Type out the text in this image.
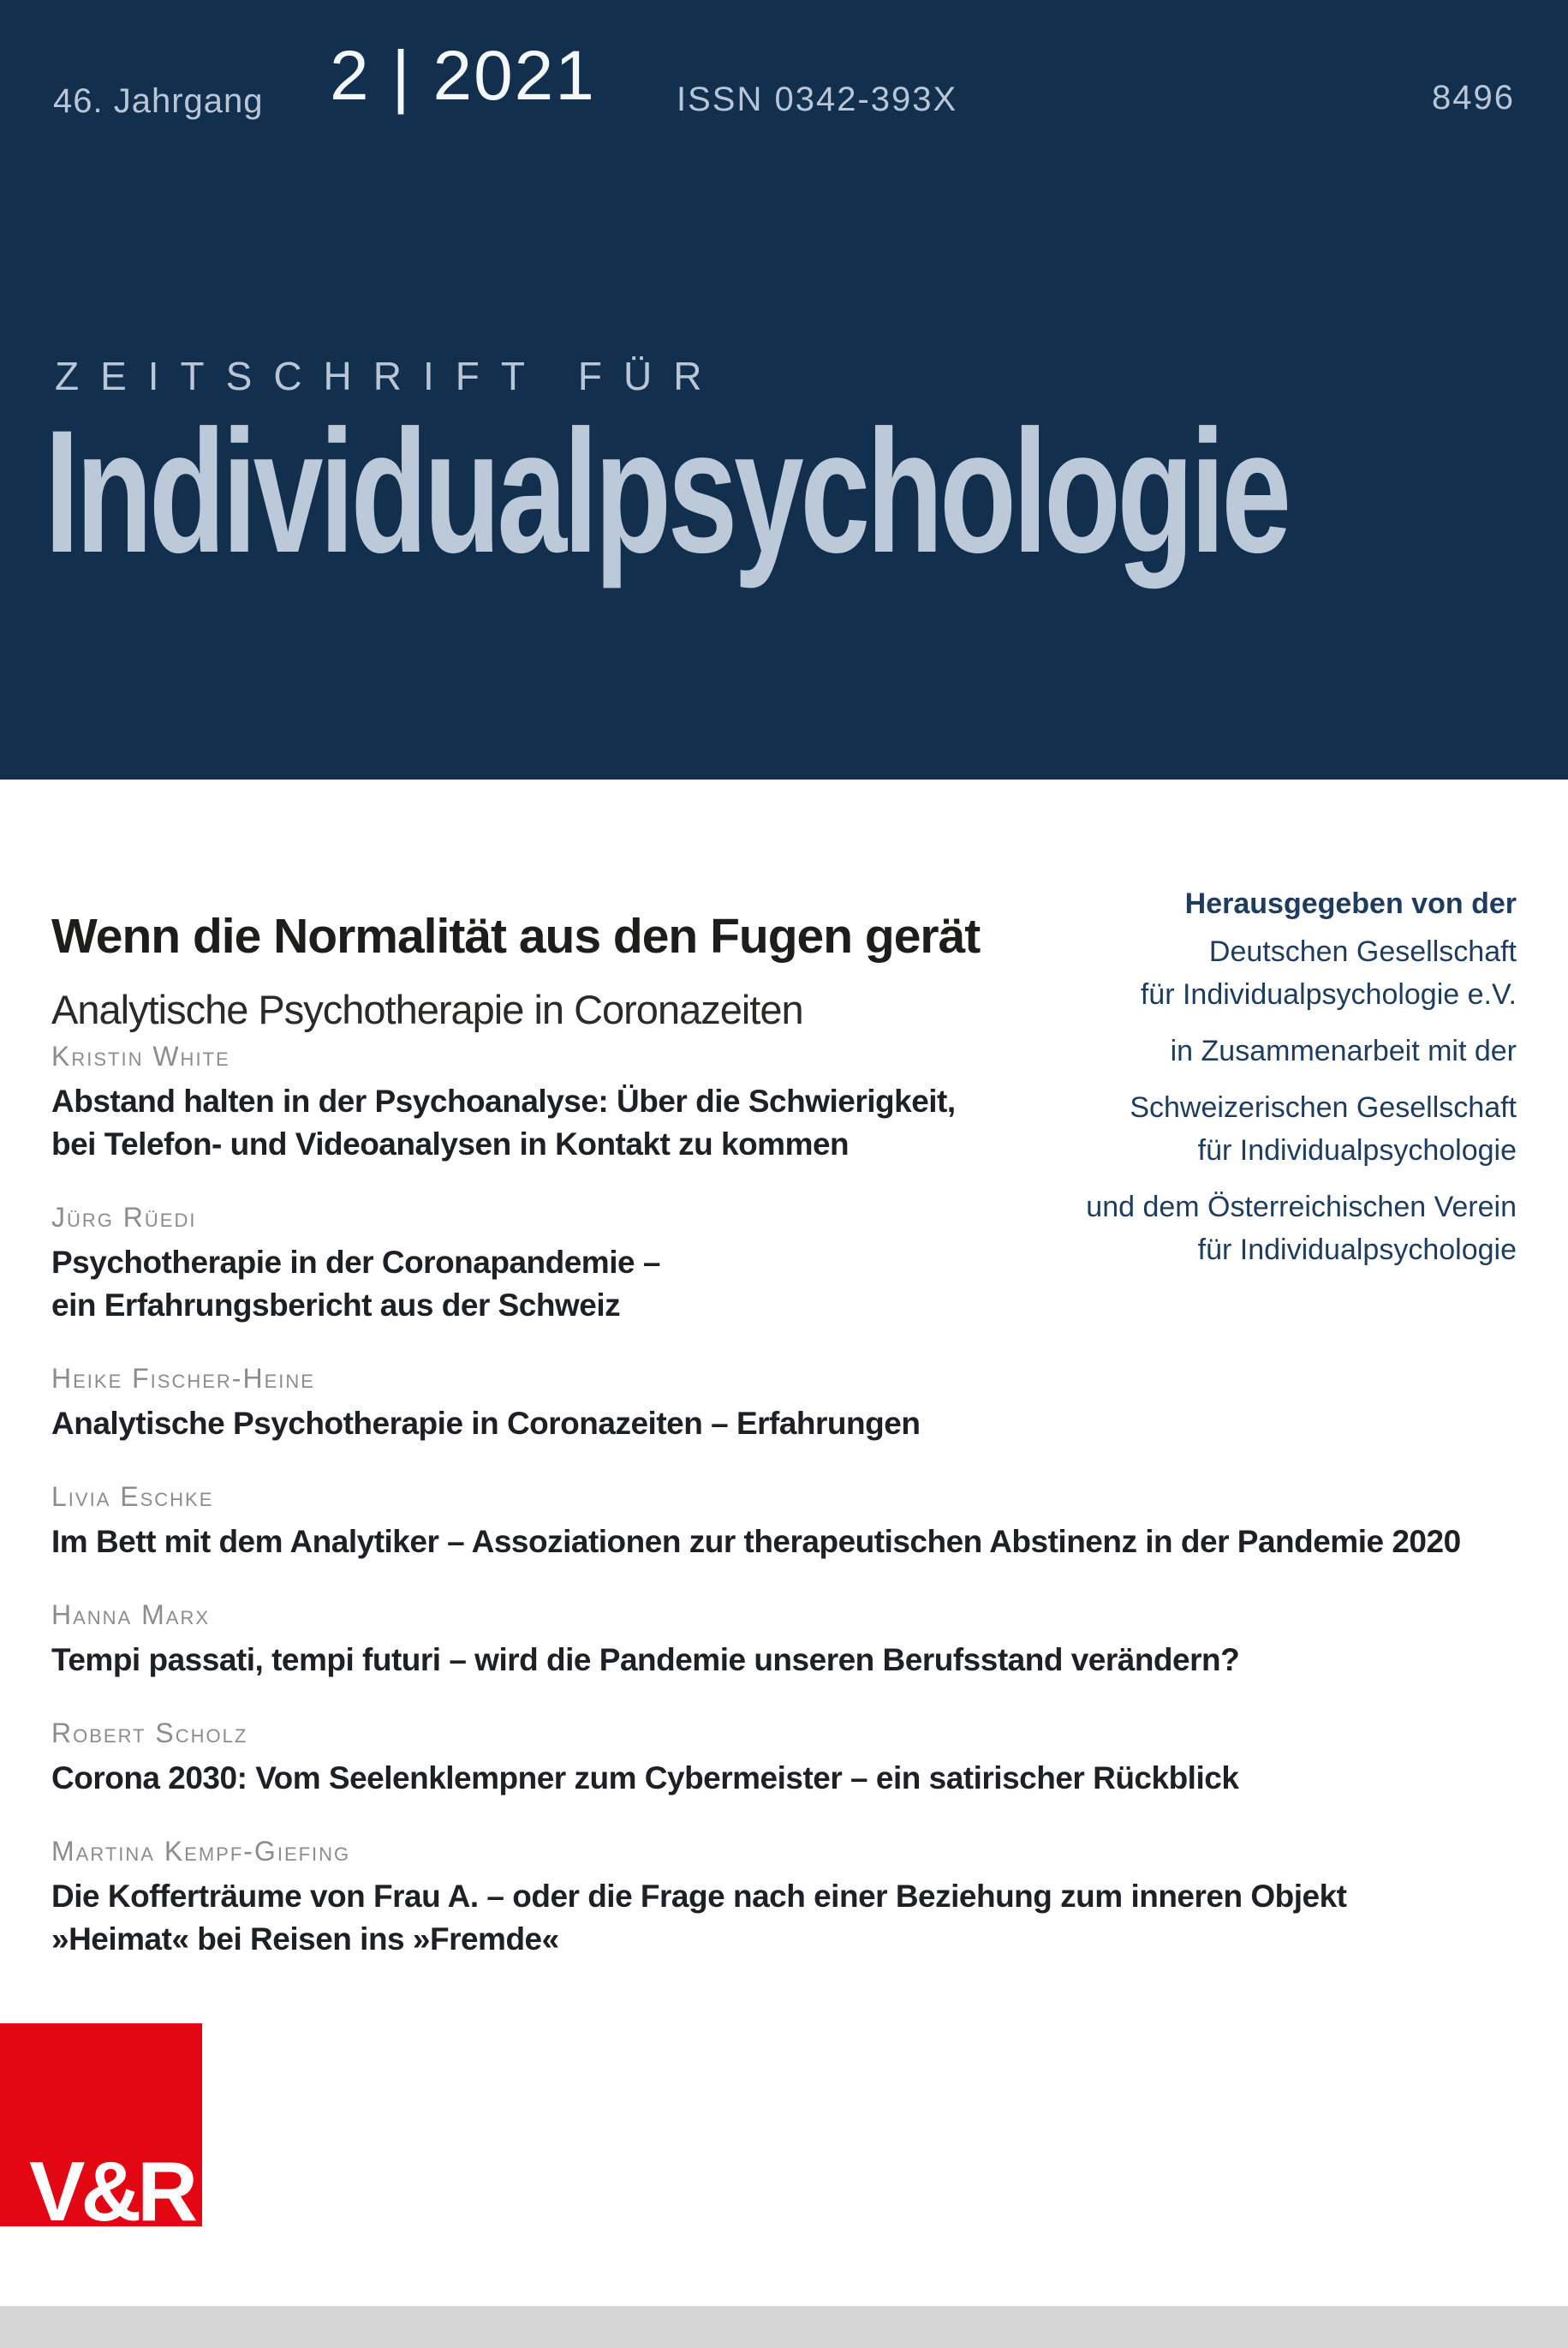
46. Jahrgang 2 | 2021 ISSN 0342-393X	8496
ZEITSCHRIFT FÜR
Individualpsychologie
Wenn die Normalität aus den Fugen gerät
Analytische Psychotherapie in Coronazeiten
Herausgegeben von der
Deutschen Gesellschaft
für Individualpsychologie e.V.
in Zusammenarbeit mit der
Schweizerischen Gesellschaft
für Individualpsychologie
und dem Österreichischen Verein
für Individualpsychologie
Kristin White
Abstand halten in der Psychoanalyse: Über die Schwierigkeit,
bei Telefon- und Videoanalysen in Kontakt zu kommen
Jürg Rüedi
Psychotherapie in der Coronapandemie –
ein Erfahrungsbericht aus der Schweiz
Heike Fischer-Heine
Analytische Psychotherapie in Coronazeiten – Erfahrungen
Livia Eschke
Im Bett mit dem Analytiker – Assoziationen zur therapeutischen Abstinenz in der Pandemie 2020
Hanna Marx
Tempi passati, tempi futuri – wird die Pandemie unseren Berufsstand verändern?
Robert Scholz
Corona 2030: Vom Seelenklempner zum Cybermeister – ein satirischer Rückblick
Martina Kempf-Giefing
Die Kofferträume von Frau A. – oder die Frage nach einer Beziehung zum inneren Objekt
»Heimat« bei Reisen ins »Fremde«
V&R
